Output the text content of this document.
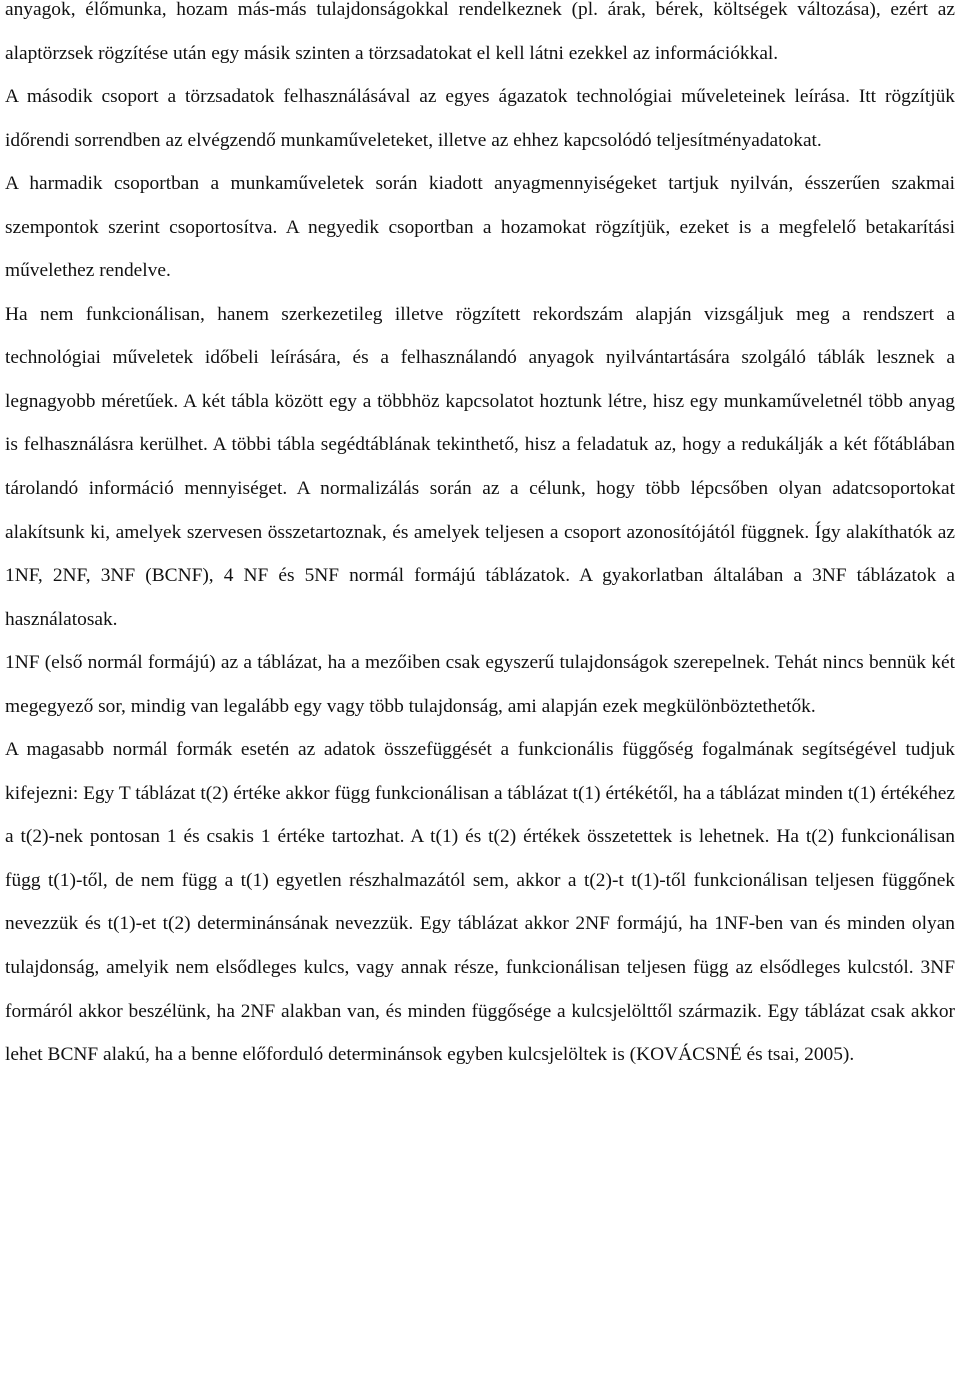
anyagok, élőmunka, hozam más-más tulajdonságokkal rendelkeznek (pl. árak, bérek, költségek változása), ezért az alaptörzsek rögzítése után egy másik szinten a törzsadatokat el kell látni ezekkel az információkkal.

A második csoport a törzsadatok felhasználásával az egyes ágazatok technológiai műveleteinek leírása. Itt rögzítjük időrendi sorrendben az elvégzendő munkaműveleteket, illetve az ehhez kapcsolódó teljesítményadatokat.

A harmadik csoportban a munkaműveletek során kiadott anyagmennyiségeket tartjuk nyilván, ésszerűen szakmai szempontok szerint csoportosítva. A negyedik csoportban a hozamokat rögzítjük, ezeket is a megfelelő betakarítási művelethez rendelve.

Ha nem funkcionálisan, hanem szerkezetileg illetve rögzített rekordszám alapján vizsgáljuk meg a rendszert a technológiai műveletek időbeli leírására, és a felhasználandó anyagok nyilvántartására szolgáló táblák lesznek a legnagyobb méretűek. A két tábla között egy a többhöz kapcsolatot hoztunk létre, hisz egy munkaműveletnél több anyag is felhasználásra kerülhet. A többi tábla segédtáblának tekinthető, hisz a feladatuk az, hogy a redukálják a két főtáblában tárolandó információ mennyiséget. A normalizálás során az a célunk, hogy több lépcsőben olyan adatcsoportokat alakítsunk ki, amelyek szervesen összetartoznak, és amelyek teljesen a csoport azonosítójától függnek. Így alakíthatók az 1NF, 2NF, 3NF (BCNF), 4 NF és 5NF normál formájú táblázatok. A gyakorlatban általában a 3NF táblázatok a használatosak.

1NF (első normál formájú) az a táblázat, ha a mezőiben csak egyszerű tulajdonságok szerepelnek. Tehát nincs bennük két megegyező sor, mindig van legalább egy vagy több tulajdonság, ami alapján ezek megkülönböztethetők.

A magasabb normál formák esetén az adatok összefüggését a funkcionális függőség fogalmának segítségével tudjuk kifejezni: Egy T táblázat t(2) értéke akkor függ funkcionálisan a táblázat t(1) értékétől, ha a táblázat minden t(1) értékéhez a t(2)-nek pontosan 1 és csakis 1 értéke tartozhat. A t(1) és t(2) értékek összetettek is lehetnek. Ha t(2) funkcionálisan függ t(1)-től, de nem függ a t(1) egyetlen részhalmazától sem, akkor a t(2)-t t(1)-től funkcionálisan teljesen függőnek nevezzük és t(1)-et t(2) determinánsának nevezzük. Egy táblázat akkor 2NF formájú, ha 1NF-ben van és minden olyan tulajdonság, amelyik nem elsődleges kulcs, vagy annak része, funkcionálisan teljesen függ az elsődleges kulcstól. 3NF formáról akkor beszélünk, ha 2NF alakban van, és minden függősége a kulcsjelölttől származik. Egy táblázat csak akkor lehet BCNF alakú, ha a benne előforduló determinánsok egyben kulcsjelöltek is (KOVÁCSNÉ és tsai, 2005).
